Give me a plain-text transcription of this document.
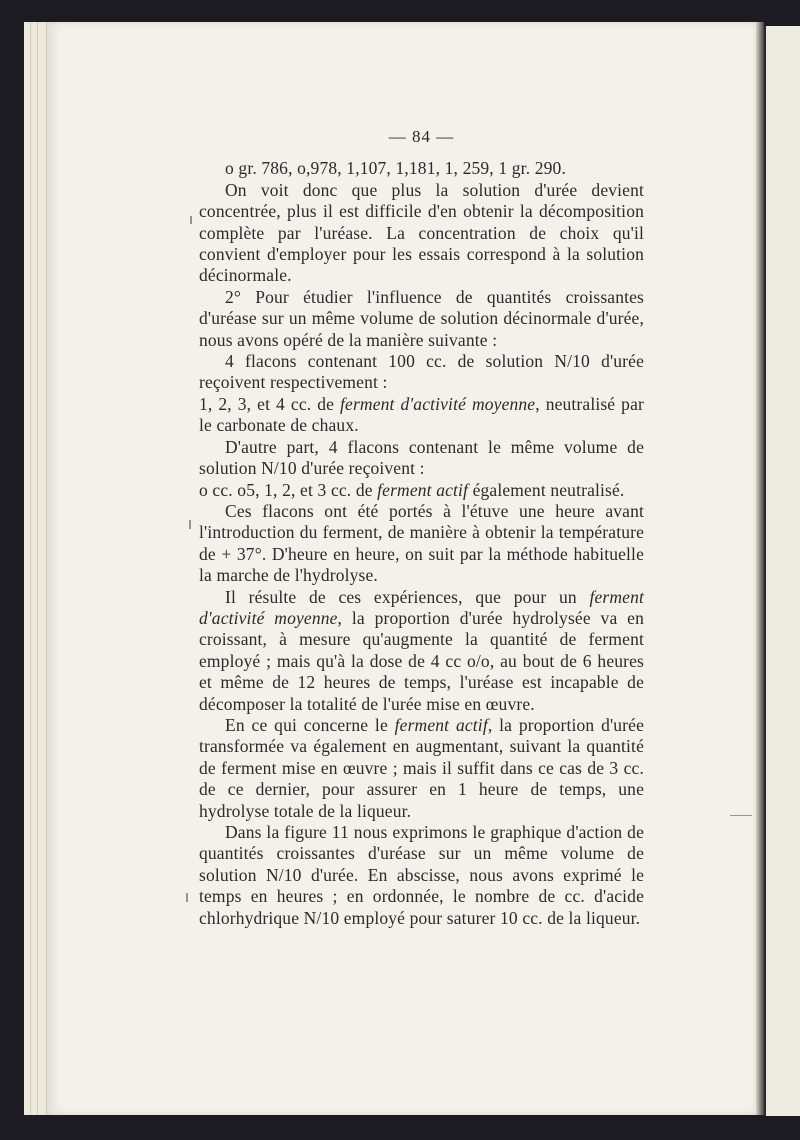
— 84 —

o gr. 786, o,978, 1,107, 1,181, 1, 259, 1 gr. 290.

On voit donc que plus la solution d'urée devient concentrée, plus il est difficile d'en obtenir la décomposition complète par l'uréase. La concentration de choix qu'il convient d'employer pour les essais correspond à la solution décinormale.

2° Pour étudier l'influence de quantités croissantes d'uréase sur un même volume de solution décinormale d'urée, nous avons opéré de la manière suivante :

4 flacons contenant 100 cc. de solution N/10 d'urée reçoivent respectivement :

1, 2, 3, et 4 cc. de ferment d'activité moyenne, neutralisé par le carbonate de chaux.

D'autre part, 4 flacons contenant le même volume de solution N/10 d'urée reçoivent :

o cc. o5, 1, 2, et 3 cc. de ferment actif également neutralisé.

Ces flacons ont été portés à l'étuve une heure avant l'introduction du ferment, de manière à obtenir la température de + 37°. D'heure en heure, on suit par la méthode habituelle la marche de l'hydrolyse.

Il résulte de ces expériences, que pour un ferment d'activité moyenne, la proportion d'urée hydrolysée va en croissant, à mesure qu'augmente la quantité de ferment employé ; mais qu'à la dose de 4 cc o/o, au bout de 6 heures et même de 12 heures de temps, l'uréase est incapable de décomposer la totalité de l'urée mise en œuvre.

En ce qui concerne le ferment actif, la proportion d'urée transformée va également en augmentant, suivant la quantité de ferment mise en œuvre ; mais il suffit dans ce cas de 3 cc. de ce dernier, pour assurer en 1 heure de temps, une hydrolyse totale de la liqueur.

Dans la figure 11 nous exprimons le graphique d'action de quantités croissantes d'uréase sur un même volume de solution N/10 d'urée. En abscisse, nous avons exprimé le temps en heures ; en ordonnée, le nombre de cc. d'acide chlorhydrique N/10 employé pour saturer 10 cc. de la liqueur.
